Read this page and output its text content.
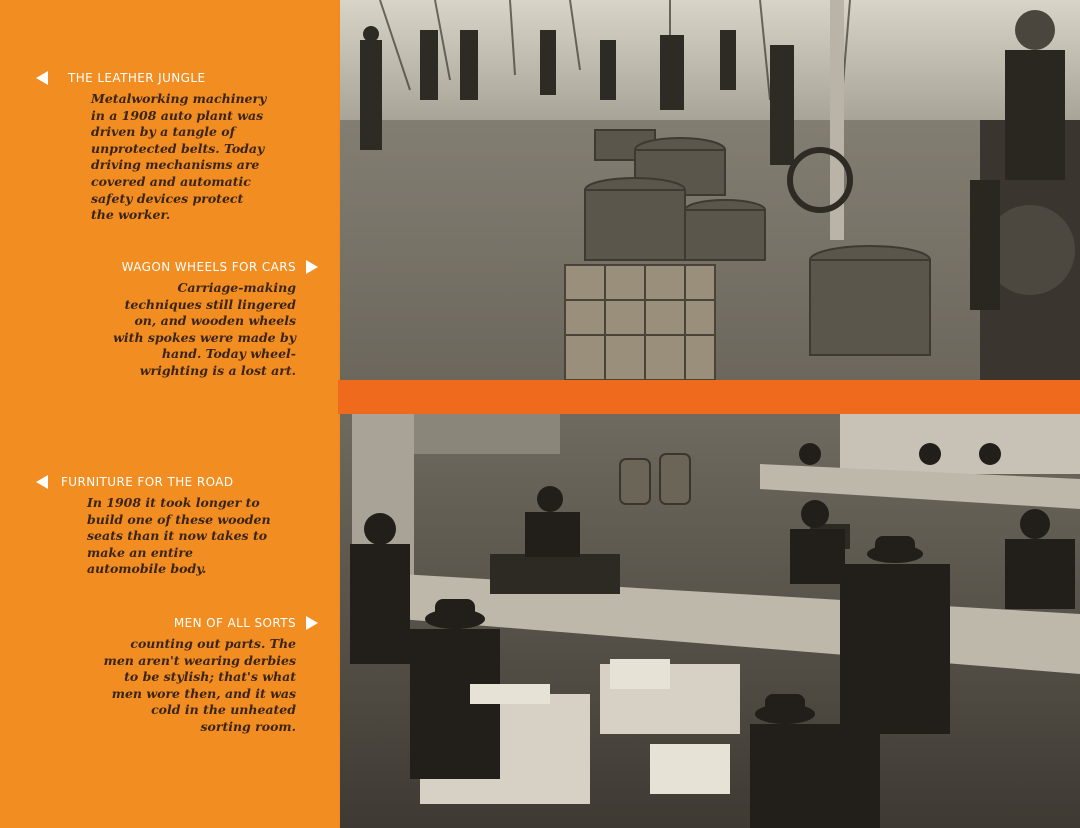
THE LEATHER JUNGLE
Metalworking machinery
in a 1908 auto plant was
driven by a tangle of
unprotected belts. Today
driving mechanisms are
covered and automatic
safety devices protect
the worker.
WAGON WHEELS FOR CARS
Carriage-making
techniques still lingered
on, and wooden wheels
with spokes were made by
hand. Today wheel-
wrighting is a lost art.
FURNITURE FOR THE ROAD
In 1908 it took longer to
build one of these wooden
seats than it now takes to
make an entire
automobile body.
MEN OF ALL SORTS
counting out parts. The
men aren't wearing derbies
to be stylish; that's what
men wore then, and it was
cold in the unheated
sorting room.
